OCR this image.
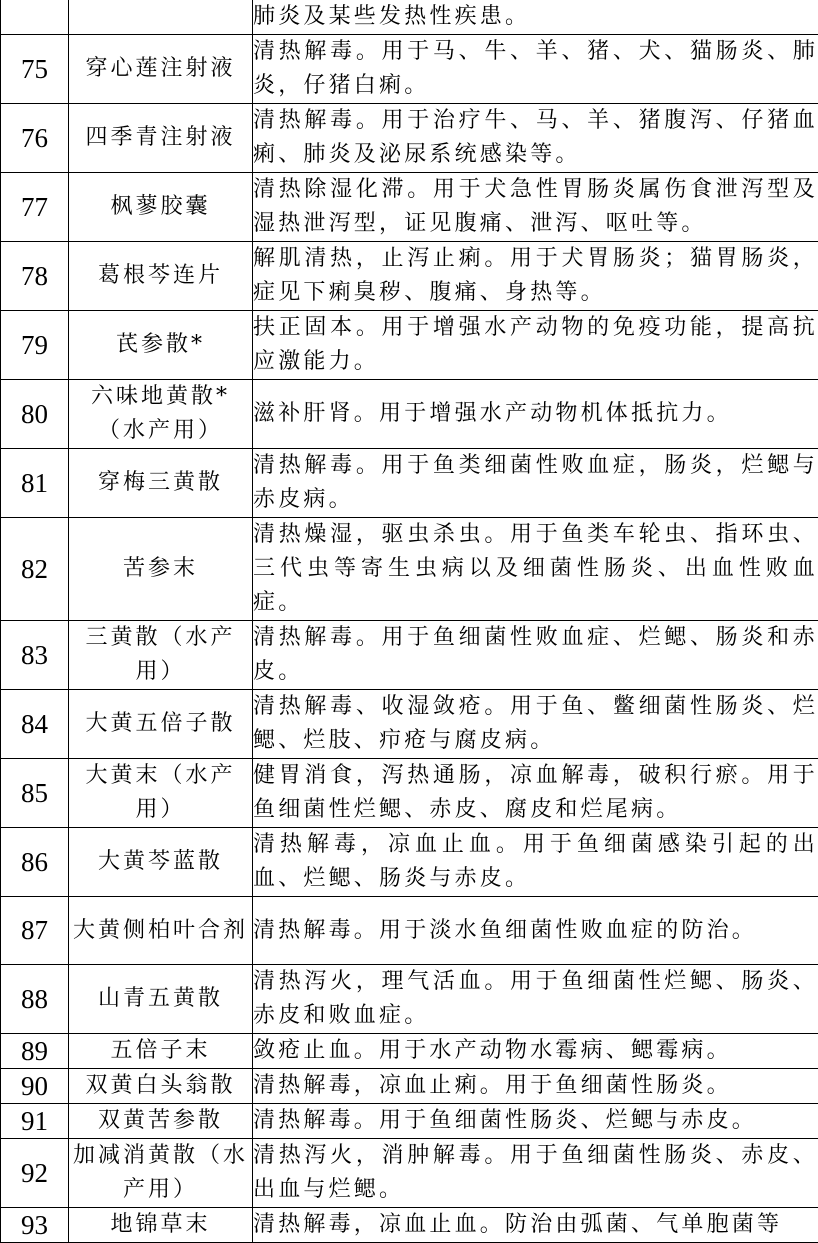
		肺炎及某些发热性疾患。

75	穿心莲注射液	清热解毒。用于马、牛、羊、猪、犬、猫肠炎、肺炎，仔猪白痢。

76	四季青注射液	清热解毒。用于治疗牛、马、羊、猪腹泻、仔猪血痢、肺炎及泌尿系统感染等。

77	枫蓼胶囊	清热除湿化滞。用于犬急性胃肠炎属伤食泄泻型及湿热泄泻型，证见腹痛、泄泻、呕吐等。

78	葛根芩连片	解肌清热，止泻止痢。用于犬胃肠炎；猫胃肠炎，症见下痢臭秽、腹痛、身热等。

79	芪参散*	扶正固本。用于增强水产动物的免疫功能，提高抗应激能力。

80	六味地黄散*（水产用）	滋补肝肾。用于增强水产动物机体抵抗力。

81	穿梅三黄散	清热解毒。用于鱼类细菌性败血症，肠炎，烂鳃与赤皮病。

82	苦参末	清热燥湿，驱虫杀虫。用于鱼类车轮虫、指环虫、三代虫等寄生虫病以及细菌性肠炎、出血性败血症。

83	三黄散（水产用）	清热解毒。用于鱼细菌性败血症、烂鳃、肠炎和赤皮。

84	大黄五倍子散	清热解毒、收湿敛疮。用于鱼、鳖细菌性肠炎、烂鳃、烂肢、疖疮与腐皮病。

85	大黄末（水产用）	健胃消食，泻热通肠，凉血解毒，破积行瘀。用于鱼细菌性烂鳃、赤皮、腐皮和烂尾病。

86	大黄芩蓝散	清热解毒，凉血止血。用于鱼细菌感染引起的出血、烂鳃、肠炎与赤皮。

87	大黄侧柏叶合剂	清热解毒。用于淡水鱼细菌性败血症的防治。

88	山青五黄散	清热泻火，理气活血。用于鱼细菌性烂鳃、肠炎、赤皮和败血症。

89	五倍子末	敛疮止血。用于水产动物水霉病、鳃霉病。

90	双黄白头翁散	清热解毒，凉血止痢。用于鱼细菌性肠炎。

91	双黄苦参散	清热解毒。用于鱼细菌性肠炎、烂鳃与赤皮。

92	加减消黄散（水产用）	清热泻火，消肿解毒。用于鱼细菌性肠炎、赤皮、出血与烂鳃。

93	地锦草末	清热解毒，凉血止血。防治由弧菌、气单胞菌等
